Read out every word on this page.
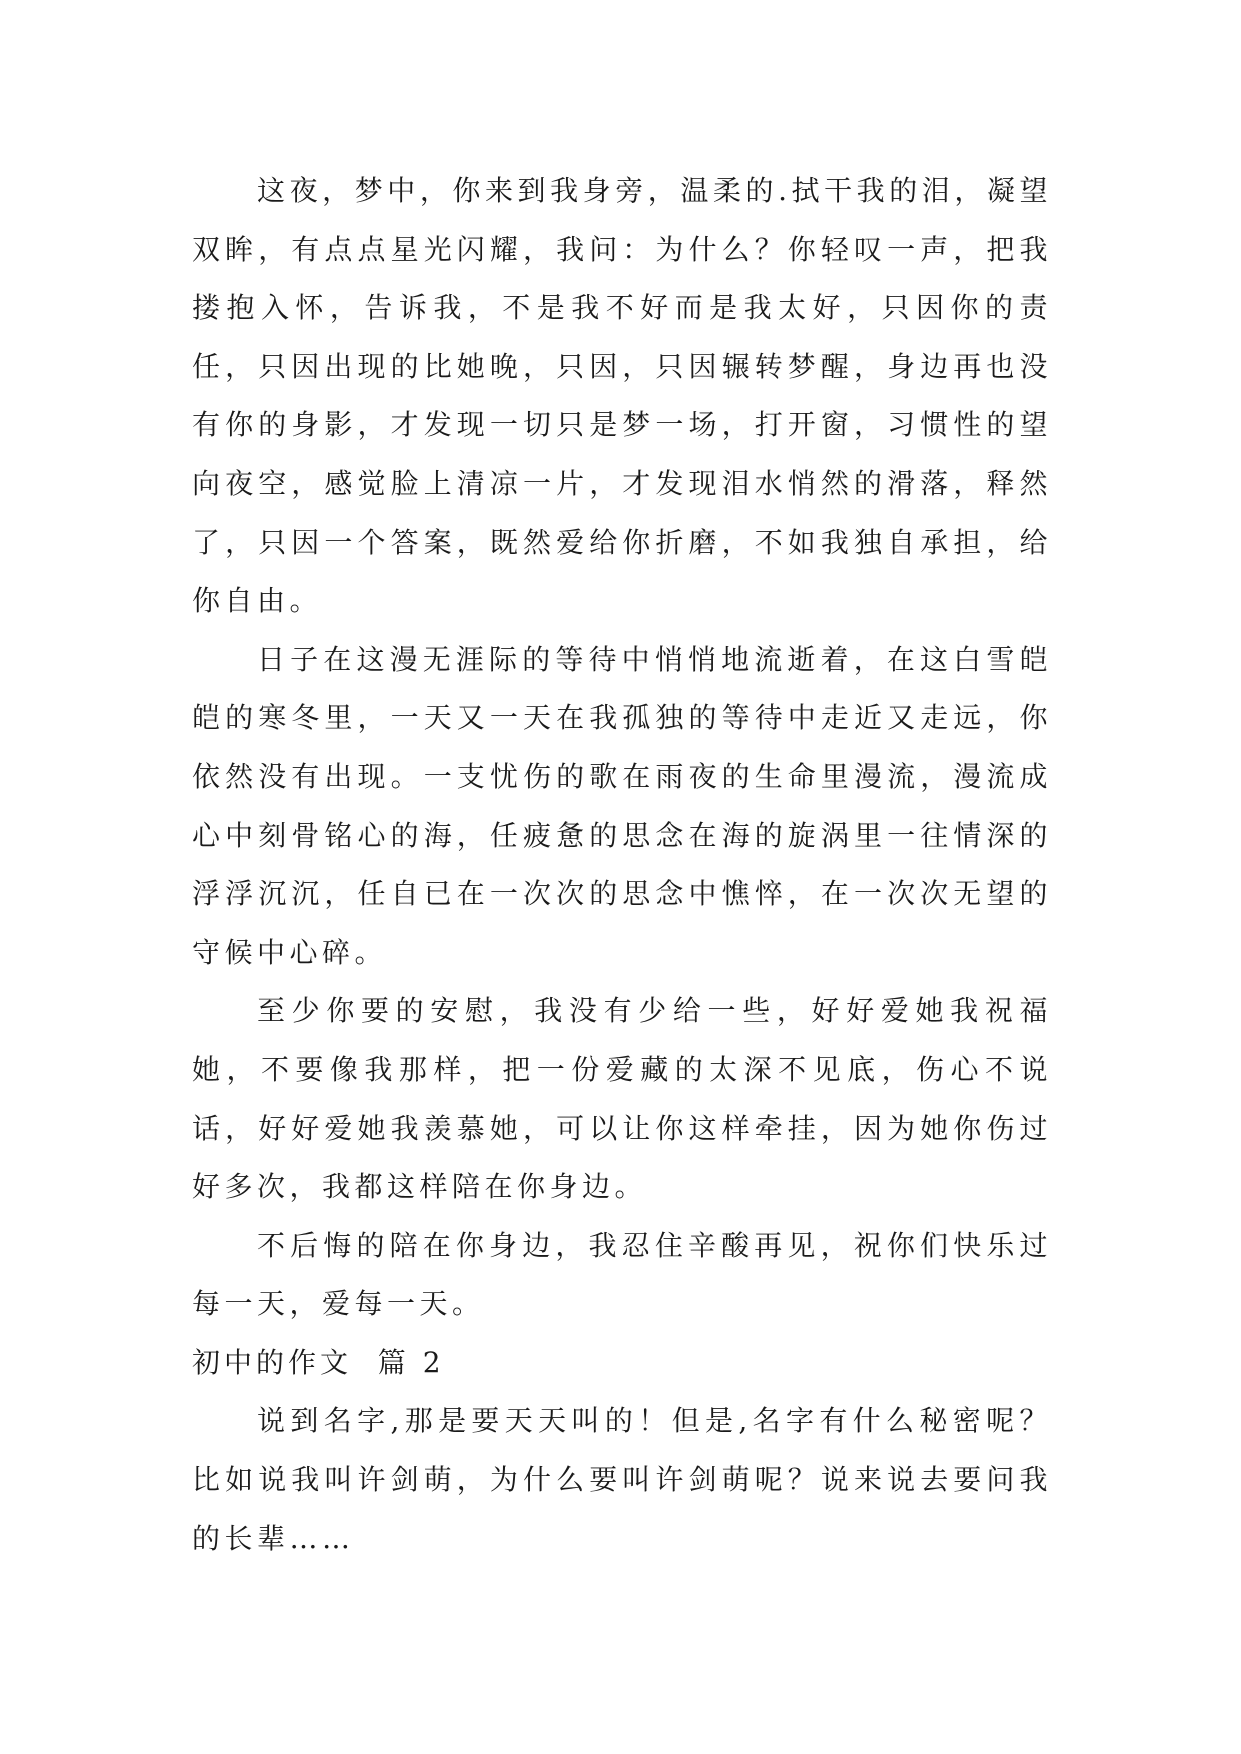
这夜，梦中，你来到我身旁，温柔的.拭干我的泪，凝望双眸，有点点星光闪耀，我问：为什么？你轻叹一声，把我搂抱入怀，告诉我，不是我不好而是我太好，只因你的责任，只因出现的比她晚，只因，只因辗转梦醒，身边再也没有你的身影，才发现一切只是梦一场，打开窗，习惯性的望向夜空，感觉脸上清凉一片，才发现泪水悄然的滑落，释然了，只因一个答案，既然爱给你折磨，不如我独自承担，给你自由。

日子在这漫无涯际的等待中悄悄地流逝着，在这白雪皑皑的寒冬里，一天又一天在我孤独的等待中走近又走远，你依然没有出现。一支忧伤的歌在雨夜的生命里漫流，漫流成心中刻骨铭心的海，任疲惫的思念在海的旋涡里一往情深的浮浮沉沉，任自已在一次次的思念中憔悴，在一次次无望的守候中心碎。

至少你要的安慰，我没有少给一些，好好爱她我祝福她，不要像我那样，把一份爱藏的太深不见底，伤心不说话，好好爱她我羡慕她，可以让你这样牵挂，因为她你伤过好多次，我都这样陪在你身边。

不后悔的陪在你身边，我忍住辛酸再见，祝你们快乐过每一天，爱每一天。

初中的作文  篇 2

说到名字,那是要天天叫的！但是,名字有什么秘密呢？比如说我叫许剑萌，为什么要叫许剑萌呢？说来说去要问我的长辈……
